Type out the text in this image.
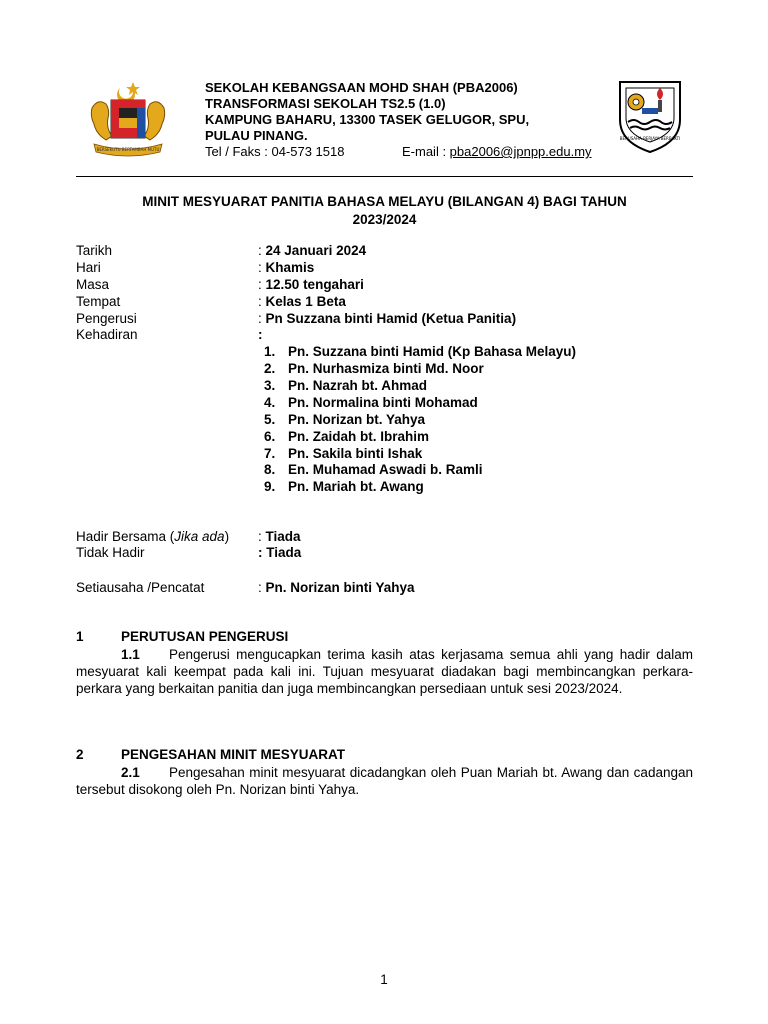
BERSEKUTU BERTAMBAH MUTU
SEKOLAH KEBANGSAAN MOHD SHAH (PBA2006)
TRANSFORMASI SEKOLAH TS2.5 (1.0)
KAMPUNG BAHARU, 13300 TASEK GELUGOR, SPU,
PULAU PINANG.
Tel / Faks : 04-573 1518	E-mail : pba2006@jpnpp.edu.my
BERUSAHA BERJAYA BERBAKTI
MINIT MESYUARAT PANITIA BAHASA MELAYU (BILANGAN 4) BAGI TAHUN
2023/2024
Tarikh	: 24 Januari 2024
Hari	: Khamis
Masa	: 12.50 tengahari
Tempat	: Kelas 1 Beta
Pengerusi	: Pn Suzzana binti Hamid (Ketua Panitia)
Kehadiran	:
1. Pn. Suzzana binti Hamid (Kp Bahasa Melayu)
2. Pn. Nurhasmiza binti Md. Noor
3. Pn. Nazrah bt. Ahmad
4. Pn. Normalina binti Mohamad
5. Pn. Norizan bt. Yahya
6. Pn. Zaidah bt. Ibrahim
7. Pn. Sakila binti Ishak
8. En. Muhamad Aswadi b. Ramli
9. Pn. Mariah bt. Awang
Hadir Bersama (Jika ada) : Tiada
Tidak Hadir	: Tiada
Setiausaha /Pencatat	: Pn. Norizan binti Yahya
1	PERUTUSAN PENGERUSI
1.1 Pengerusi mengucapkan terima kasih atas kerjasama semua ahli yang hadir dalam mesyuarat kali keempat pada kali ini. Tujuan mesyuarat diadakan bagi membincangkan perkara-perkara yang berkaitan panitia dan juga membincangkan persediaan untuk sesi 2023/2024.
2	PENGESAHAN MINIT MESYUARAT
2.1 Pengesahan minit mesyuarat dicadangkan oleh Puan Mariah bt. Awang dan cadangan tersebut disokong oleh Pn. Norizan binti Yahya.
1
